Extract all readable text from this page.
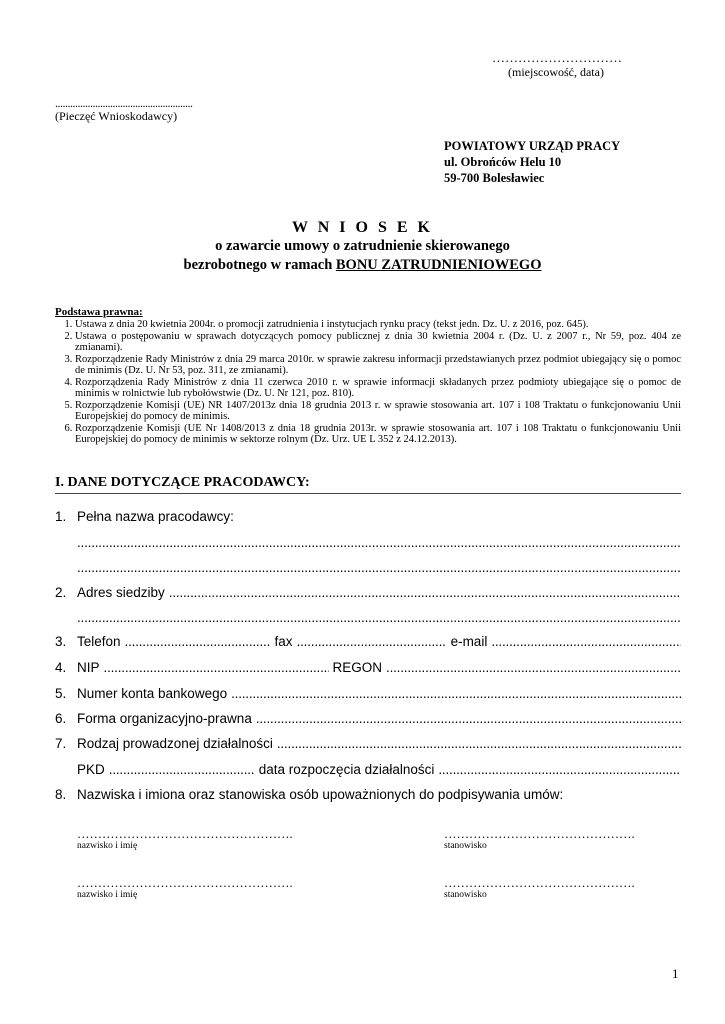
…………………………
(miejscowość, data)
.......................................................
(Pieczęć Wnioskodawcy)
POWIATOWY URZĄD PRACY
ul. Obrońców Helu 10
59-700 Bolesławiec
W N I O S E K
o zawarcie umowy o zatrudnienie skierowanego
bezrobotnego w ramach BONU ZATRUDNIENIOWEGO
Podstawa prawna:
1. Ustawa z dnia 20 kwietnia 2004r. o promocji zatrudnienia i instytucjach rynku pracy (tekst jedn. Dz. U. z 2016, poz. 645).
2. Ustawa o postępowaniu w sprawach dotyczących pomocy publicznej z dnia 30 kwietnia 2004 r. (Dz. U. z 2007 r., Nr 59, poz. 404 ze zmianami).
3. Rozporządzenie Rady Ministrów z dnia 29 marca 2010r. w sprawie zakresu informacji przedstawianych przez podmiot ubiegający się o pomoc de minimis (Dz. U. Nr 53, poz. 311, ze zmianami).
4. Rozporządzenia Rady Ministrów z dnia 11 czerwca 2010 r. w sprawie informacji składanych przez podmioty ubiegające się o pomoc de minimis w rolnictwie lub rybołówstwie (Dz. U. Nr 121, poz. 810).
5. Rozporządzenie Komisji (UE) NR 1407/2013z dnia 18 grudnia 2013 r. w sprawie stosowania art. 107 i 108 Traktatu o funkcjonowaniu Unii Europejskiej do pomocy de minimis.
6. Rozporządzenie Komisji (UE Nr 1408/2013 z dnia 18 grudnia 2013r. w sprawie stosowania art. 107 i 108 Traktatu o funkcjonowaniu Unii Europejskiej do pomocy de minimis w sektorze rolnym (Dz. Urz. UE L 352 z 24.12.2013).
I. DANE DOTYCZĄCE PRACODAWCY:
1. Pełna nazwa pracodawcy:
.....
.....
2. Adres siedziby
.....
.....
3. Telefon .....	fax .....	e-mail
.....
4. NIP .....	REGON
.....
5. Numer konta bankowego
.....
6. Forma organizacyjno-prawna
.....
7. Rodzaj prowadzonej działalności
.....
PKD .....	data rozpoczęcia działalności
.....
8. Nazwiska i imiona oraz stanowiska osób upoważnionych do podpisywania umów:
…………………………………………….
nazwisko i imię
……………………………………….
stanowisko
…………………………………………….
nazwisko i imię
……………………………………….
stanowisko
1
